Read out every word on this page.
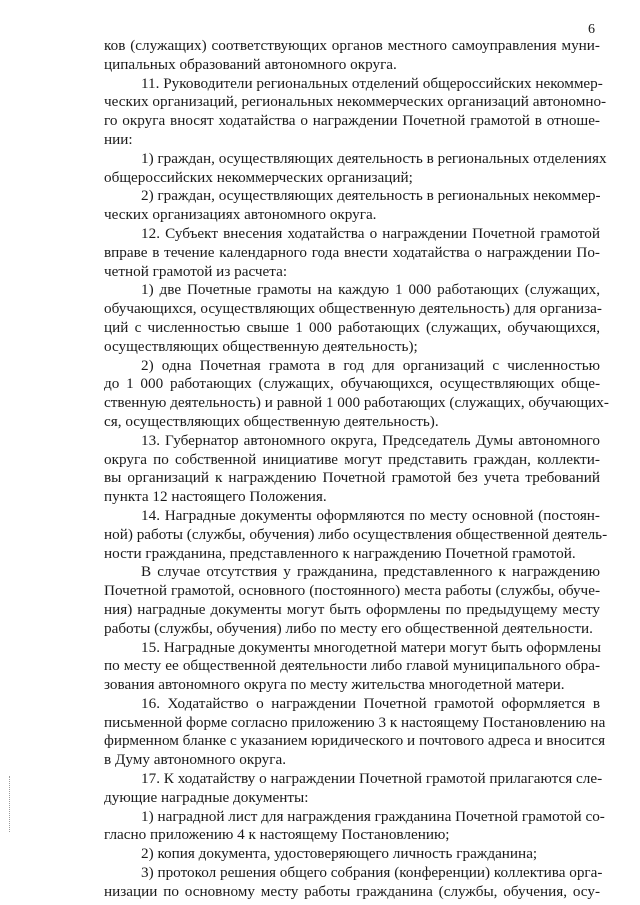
6
ков (служащих) соответствующих органов местного самоуправления муни-
ципальных образований автономного округа.
11. Руководители региональных отделений общероссийских некоммер-
ческих организаций, региональных некоммерческих организаций автономно-
го округа вносят ходатайства о награждении Почетной грамотой в отноше-
нии:
1) граждан, осуществляющих деятельность в региональных отделениях
общероссийских некоммерческих организаций;
2) граждан, осуществляющих деятельность в региональных некоммер-
ческих организациях автономного округа.
12. Субъект внесения ходатайства о награждении Почетной грамотой
вправе в течение календарного года внести ходатайства о награждении По-
четной грамотой из расчета:
1) две Почетные грамоты на каждую 1 000 работающих (служащих,
обучающихся, осуществляющих общественную деятельность) для организа-
ций с численностью свыше 1 000 работающих (служащих, обучающихся,
осуществляющих общественную деятельность);
2) одна Почетная грамота в год для организаций с численностью
до 1 000 работающих (служащих, обучающихся, осуществляющих обще-
ственную деятельность) и равной 1 000 работающих (служащих, обучающих-
ся, осуществляющих общественную деятельность).
13. Губернатор автономного округа, Председатель Думы автономного
округа по собственной инициативе могут представить граждан, коллекти-
вы организаций к награждению Почетной грамотой без учета требований
пункта 12 настоящего Положения.
14. Наградные документы оформляются по месту основной (постоян-
ной) работы (службы, обучения) либо осуществления общественной деятель-
ности гражданина, представленного к награждению Почетной грамотой.
В случае отсутствия у гражданина, представленного к награждению
Почетной грамотой, основного (постоянного) места работы (службы, обуче-
ния) наградные документы могут быть оформлены по предыдущему месту
работы (службы, обучения) либо по месту его общественной деятельности.
15. Наградные документы многодетной матери могут быть оформлены
по месту ее общественной деятельности либо главой муниципального обра-
зования автономного округа по месту жительства многодетной матери.
16. Ходатайство о награждении Почетной грамотой оформляется в
письменной форме согласно приложению 3 к настоящему Постановлению на
фирменном бланке с указанием юридического и почтового адреса и вносится
в Думу автономного округа.
17. К ходатайству о награждении Почетной грамотой прилагаются сле-
дующие наградные документы:
1) наградной лист для награждения гражданина Почетной грамотой со-
гласно приложению 4 к настоящему Постановлению;
2) копия документа, удостоверяющего личность гражданина;
3) протокол решения общего собрания (конференции) коллектива орга-
низации по основному месту работы гражданина (службы, обучения, осу-
